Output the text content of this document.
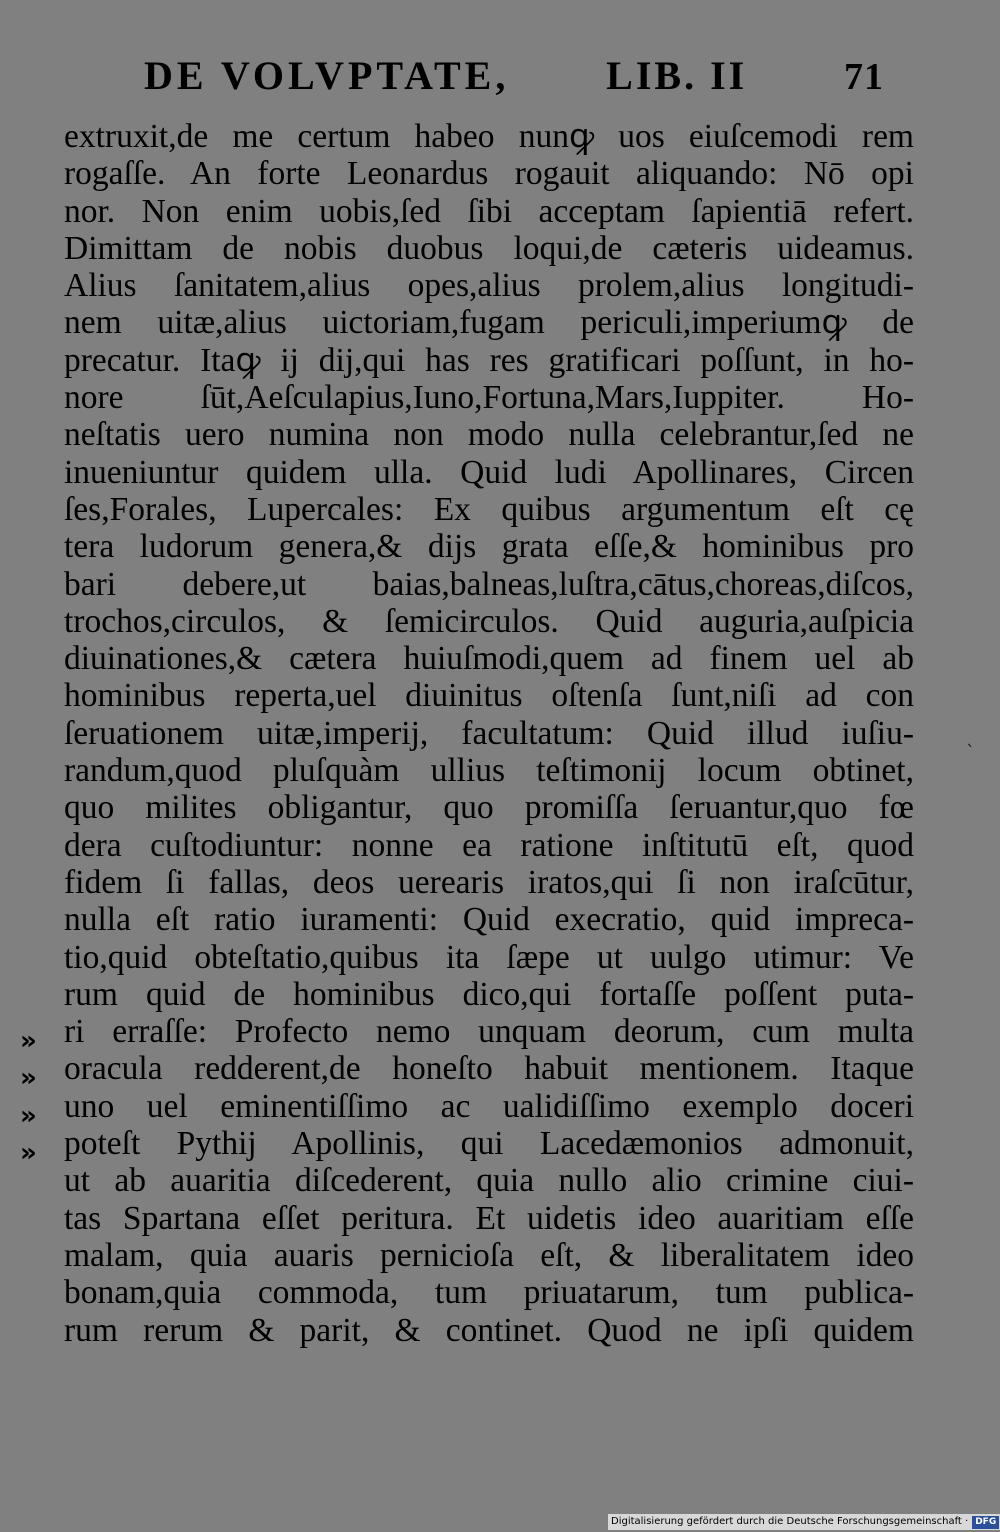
DE VOLVPTATE, LIB. II	71
extruxit,de me certum habeo nunꝙ uos eiuſcemodi rem
rogaſſe. An forte Leonardus rogauit aliquando: Nō opi
nor. Non enim uobis,ſed ſibi acceptam ſapientiā refert.
Dimittam de nobis duobus loqui,de cæteris uideamus.
Alius ſanitatem,alius opes,alius prolem,alius longitudi-
nem uitæ,alius uictoriam,fugam periculi,imperiumꝙ de
precatur. Itaꝙ ij dij,qui has res gratificari poſſunt, in ho-
nore ſūt,Aeſculapius,Iuno,Fortuna,Mars,Iuppiter. Ho-
neſtatis uero numina non modo nulla celebrantur,ſed ne
inueniuntur quidem ulla. Quid ludi Apollinares, Circen
ſes,Forales, Lupercales: Ex quibus argumentum eſt cę
tera ludorum genera,& dijs grata eſſe,& hominibus pro
bari debere,ut baias,balneas,luſtra,cātus,choreas,diſcos,
trochos,circulos, & ſemicirculos. Quid auguria,auſpicia
diuinationes,& cætera huiuſmodi,quem ad finem uel ab
hominibus reperta,uel diuinitus oſtenſa ſunt,niſi ad con
ſeruationem uitæ,imperij, facultatum: Quid illud iuſiu-
randum,quod pluſquàm ullius teſtimonij locum obtinet,
quo milites obligantur, quo promiſſa ſeruantur,quo fœ
dera cuſtodiuntur: nonne ea ratione inſtitutū eſt, quod
fidem ſi fallas, deos uerearis iratos,qui ſi non iraſcūtur,
nulla eſt ratio iuramenti: Quid execratio, quid impreca-
tio,quid obteſtatio,quibus ita ſæpe ut uulgo utimur: Ve
rum quid de hominibus dico,qui fortaſſe poſſent puta-
ri erraſſe: Profecto nemo unquam deorum, cum multa
oracula redderent,de honeſto habuit mentionem. Itaque
uno uel eminentiſſimo ac ualidiſſimo exemplo doceri
poteſt Pythij Apollinis, qui Lacedæmonios admonuit,
ut ab auaritia diſcederent, quia nullo alio crimine ciui-
tas Spartana eſſet peritura. Et uidetis ideo auaritiam eſſe
malam, quia auaris pernicioſa eſt, & liberalitatem ideo
bonam,quia commoda, tum priuatarum, tum publica-
rum rerum & parit, & continet. Quod ne ipſi quidem
»
»
»
»
ˋ
Digitalisierung gefördert durch die Deutsche Forschungsgemeinschaft · DFG
